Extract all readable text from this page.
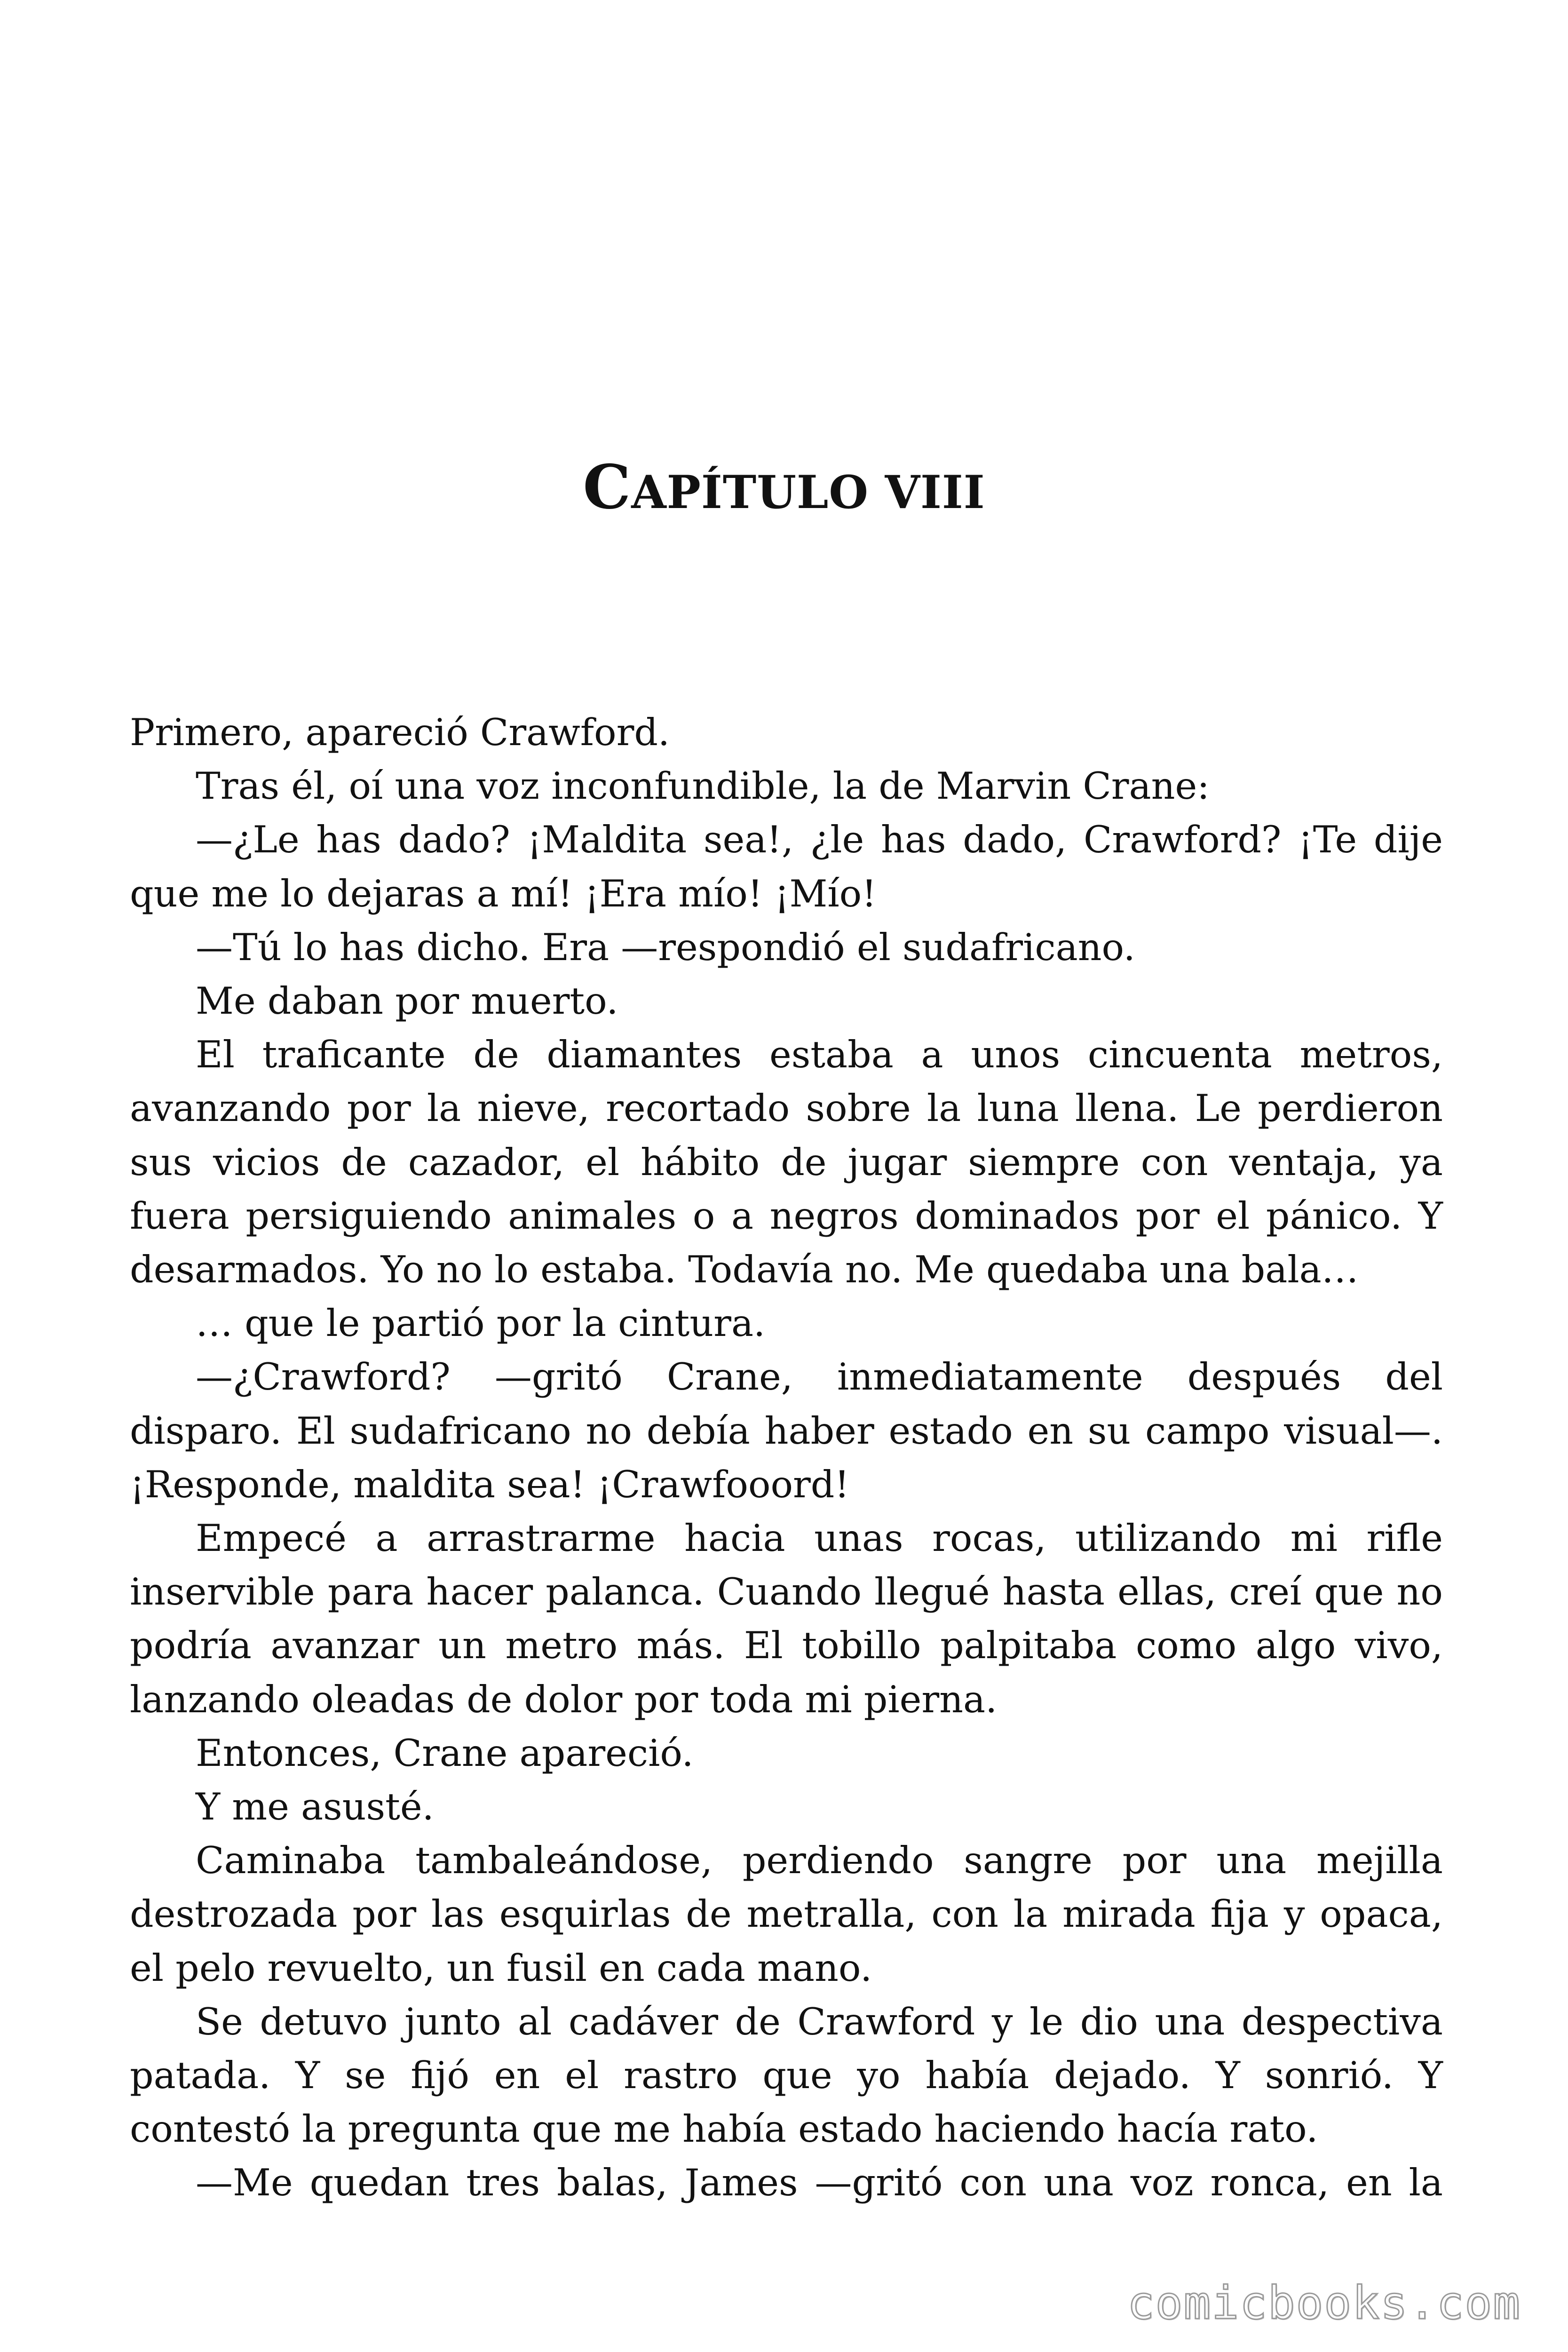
CAPÍTULO VIII

Primero, apareció Crawford.

Tras él, oí una voz inconfundible, la de Marvin Crane:

—¿Le has dado? ¡Maldita sea!, ¿le has dado, Crawford? ¡Te dije que me lo dejaras a mí! ¡Era mío! ¡Mío!

—Tú lo has dicho. Era —respondió el sudafricano.

Me daban por muerto.

El traficante de diamantes estaba a unos cincuenta metros, avanzando por la nieve, recortado sobre la luna llena. Le perdieron sus vicios de cazador, el hábito de jugar siempre con ventaja, ya fuera persiguiendo animales o a negros dominados por el pánico. Y desarmados. Yo no lo estaba. Todavía no. Me quedaba una bala…

… que le partió por la cintura.

—¿Crawford? —gritó Crane, inmediatamente después del disparo. El sudafricano no debía haber estado en su campo visual—. ¡Responde, maldita sea! ¡Crawfooord!

Empecé a arrastrarme hacia unas rocas, utilizando mi rifle inservible para hacer palanca. Cuando llegué hasta ellas, creí que no podría avanzar un metro más. El tobillo palpitaba como algo vivo, lanzando oleadas de dolor por toda mi pierna.

Entonces, Crane apareció.

Y me asusté.

Caminaba tambaleándose, perdiendo sangre por una mejilla destrozada por las esquirlas de metralla, con la mirada fija y opaca, el pelo revuelto, un fusil en cada mano.

Se detuvo junto al cadáver de Crawford y le dio una despectiva patada. Y se fijó en el rastro que yo había dejado. Y sonrió. Y contestó la pregunta que me había estado haciendo hacía rato.

—Me quedan tres balas, James —gritó con una voz ronca, en la

comicbooks.com
